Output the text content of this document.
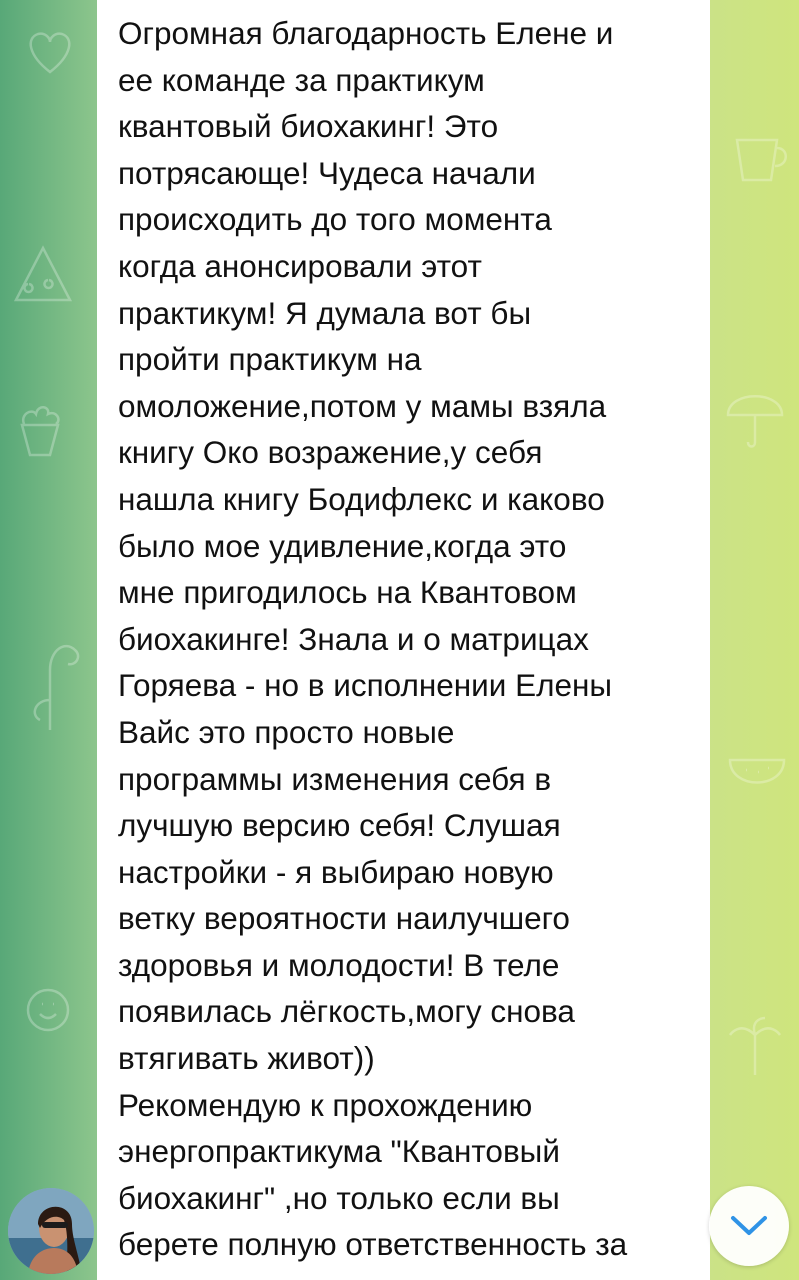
Огромная благодарность Елене и
ее команде за практикум
квантовый биохакинг! Это
потрясающе! Чудеса начали
происходить до того момента
когда анонсировали этот
практикум! Я думала вот бы
пройти практикум на
омоложение,потом у мамы взяла
книгу Око возражение,у себя
нашла книгу Бодифлекс и каково
было мое удивление,когда это
мне пригодилось на Квантовом
биохакинге! Знала и о матрицах
Горяева - но в исполнении Елены
Вайс это просто новые
программы изменения себя в
лучшую версию себя! Слушая
настройки - я выбираю новую
ветку вероятности наилучшего
здоровья и молодости! В теле
появилась лёгкость,могу снова
втягивать живот))
Рекомендую к прохождению
энергопрактикума "Квантовый
биохакинг" ,но только если вы
берете полную ответственность за
